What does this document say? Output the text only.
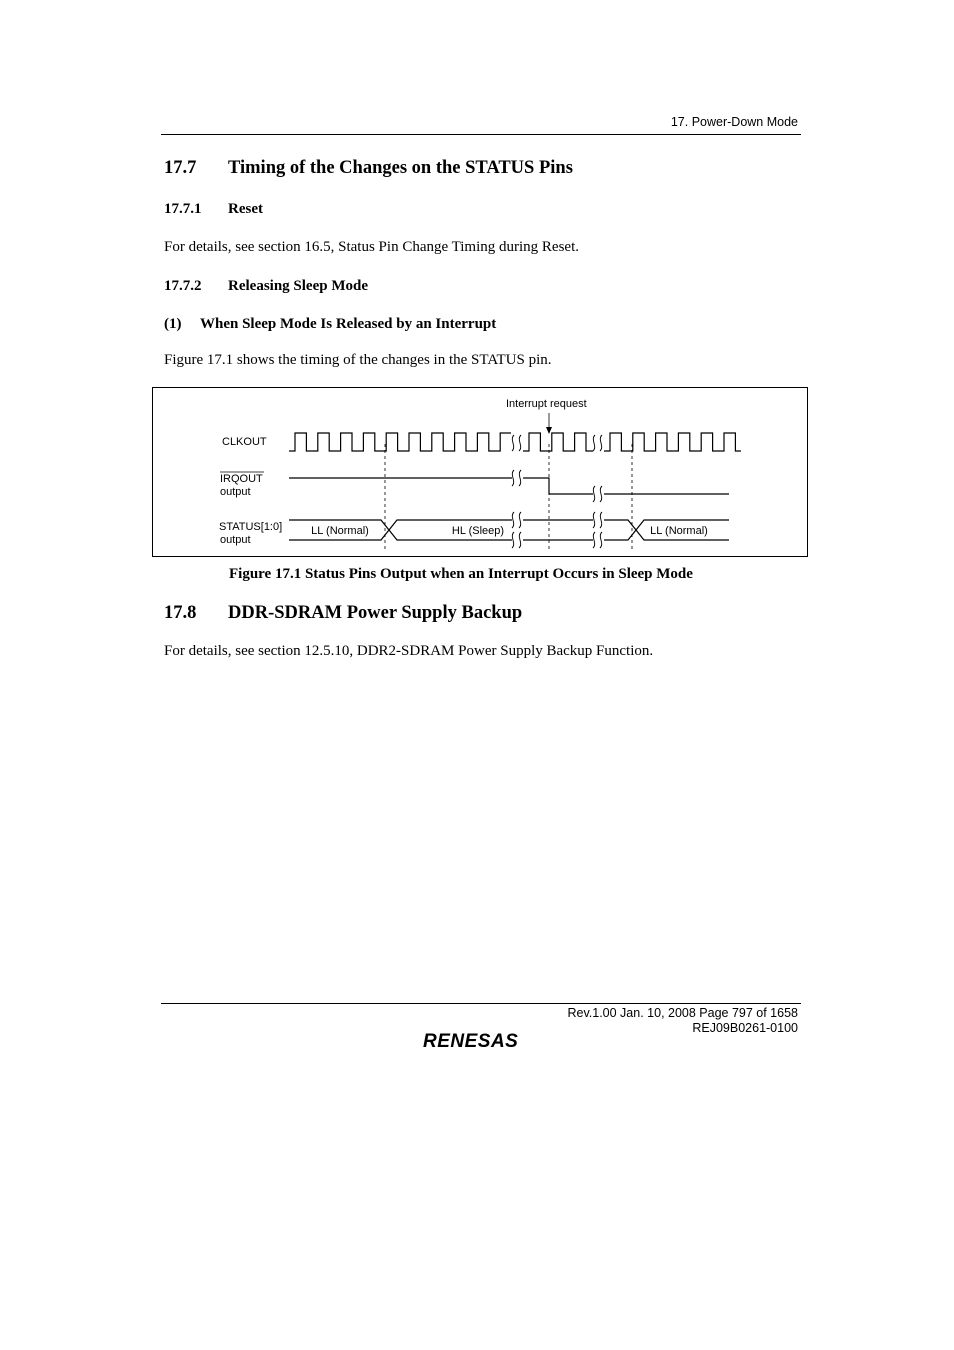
17. Power-Down Mode
17.7 Timing of the Changes on the STATUS Pins
17.7.1 Reset
For details, see section 16.5, Status Pin Change Timing during Reset.
17.7.2 Releasing Sleep Mode
(1) When Sleep Mode Is Released by an Interrupt
Figure 17.1 shows the timing of the changes in the STATUS pin.
Interrupt request
CLKOUT
IRQOUT
output
STATUS[1:0]
output
LL (Normal)	HL (Sleep)	LL (Normal)
Figure 17.1 Status Pins Output when an Interrupt Occurs in Sleep Mode
17.8 DDR-SDRAM Power Supply Backup
For details, see section 12.5.10, DDR2-SDRAM Power Supply Backup Function.
Rev.1.00 Jan. 10, 2008 Page 797 of 1658
REJ09B0261-0100
RENESAS
